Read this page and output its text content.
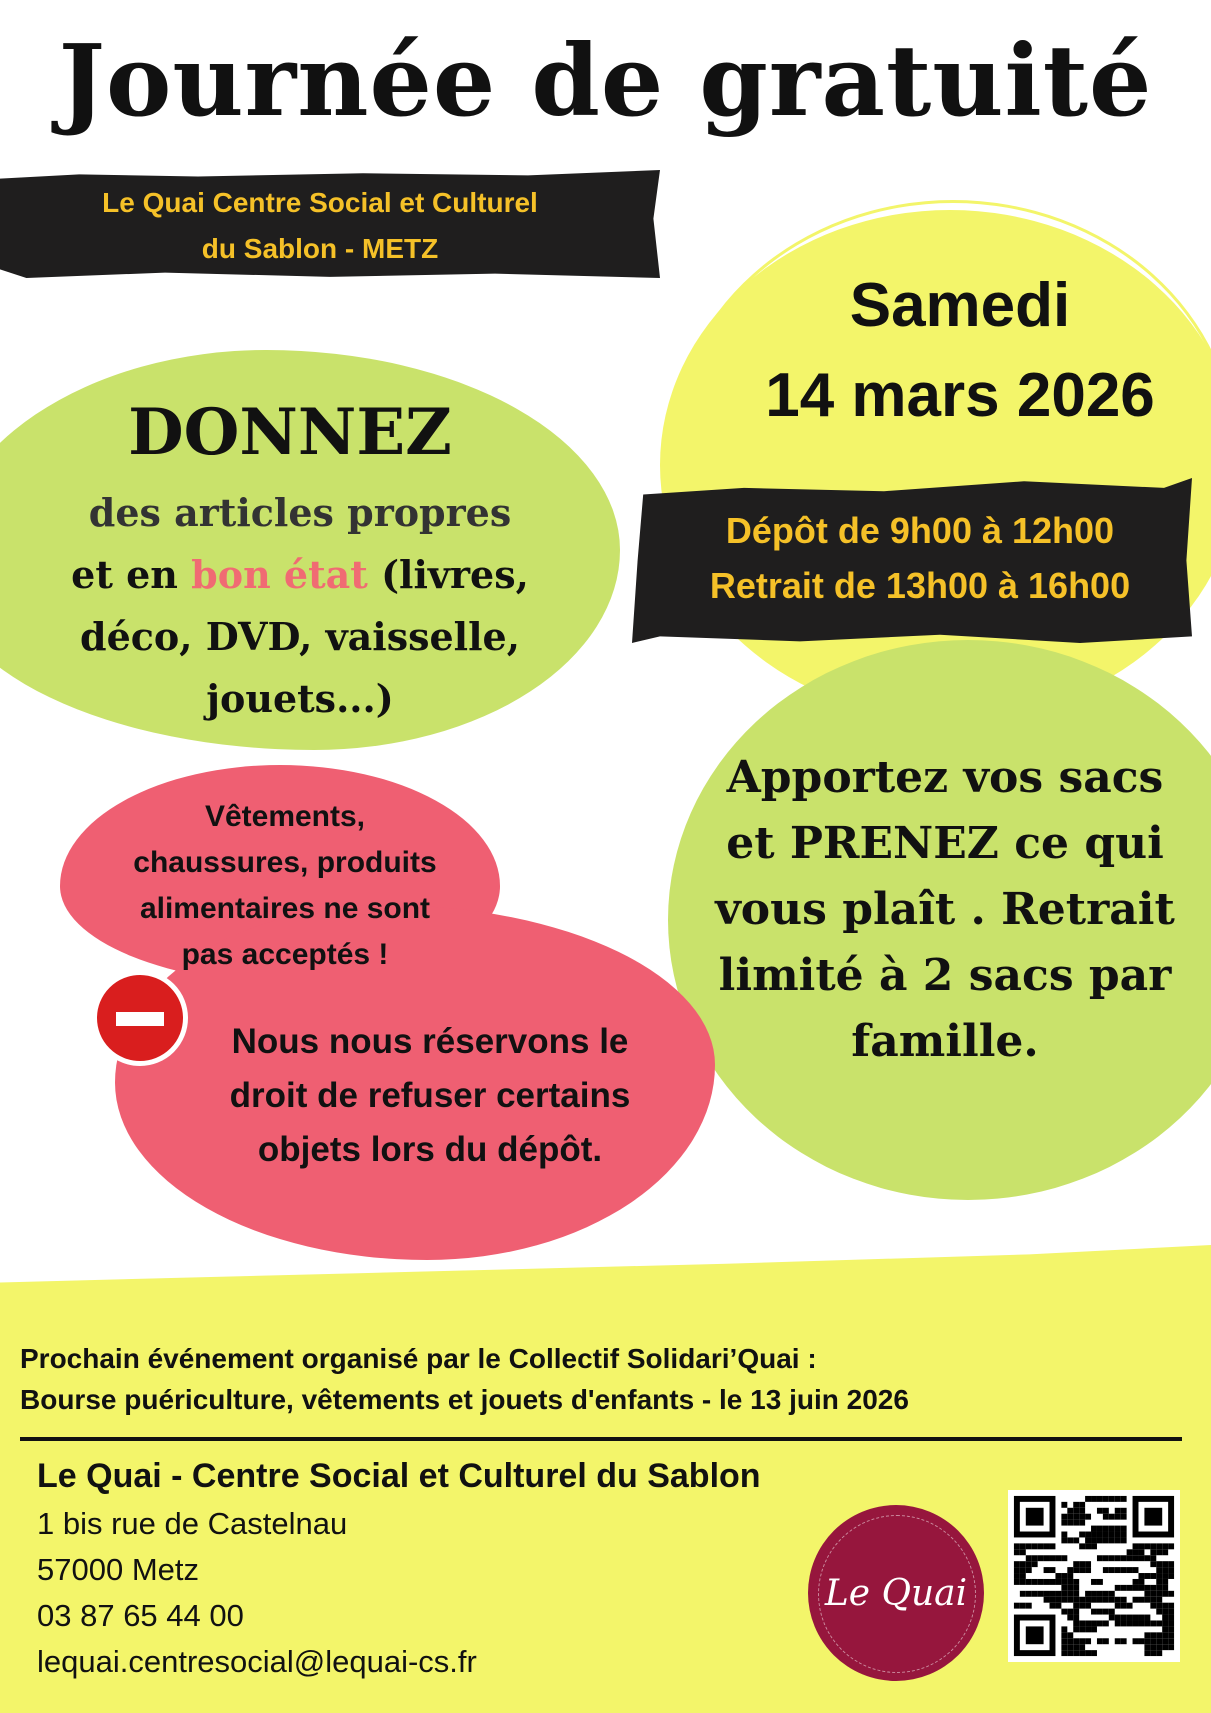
Journée de gratuité
Le Quai Centre Social et Culturel
du Sablon - METZ
Samedi
14 mars 2026
Dépôt de 9h00 à 12h00
Retrait de 13h00 à 16h00
DONNEZ
des articles propres
et en bon état (livres,
déco, DVD, vaisselle,
jouets...)
Apportez vos sacs
et PRENEZ ce qui
vous plaît . Retrait
limité à 2 sacs par
famille.
Vêtements,
chaussures, produits
alimentaires ne sont
pas acceptés !
Nous nous réservons le
droit de refuser certains
objets lors du dépôt.
Prochain événement organisé par le Collectif Solidari’Quai :
Bourse puériculture, vêtements et jouets d'enfants - le 13 juin 2026
Le Quai - Centre Social et Culturel du Sablon
1 bis rue de Castelnau
57000 Metz
03 87 65 44 00
lequai.centresocial@lequai-cs.fr
Le Quai
